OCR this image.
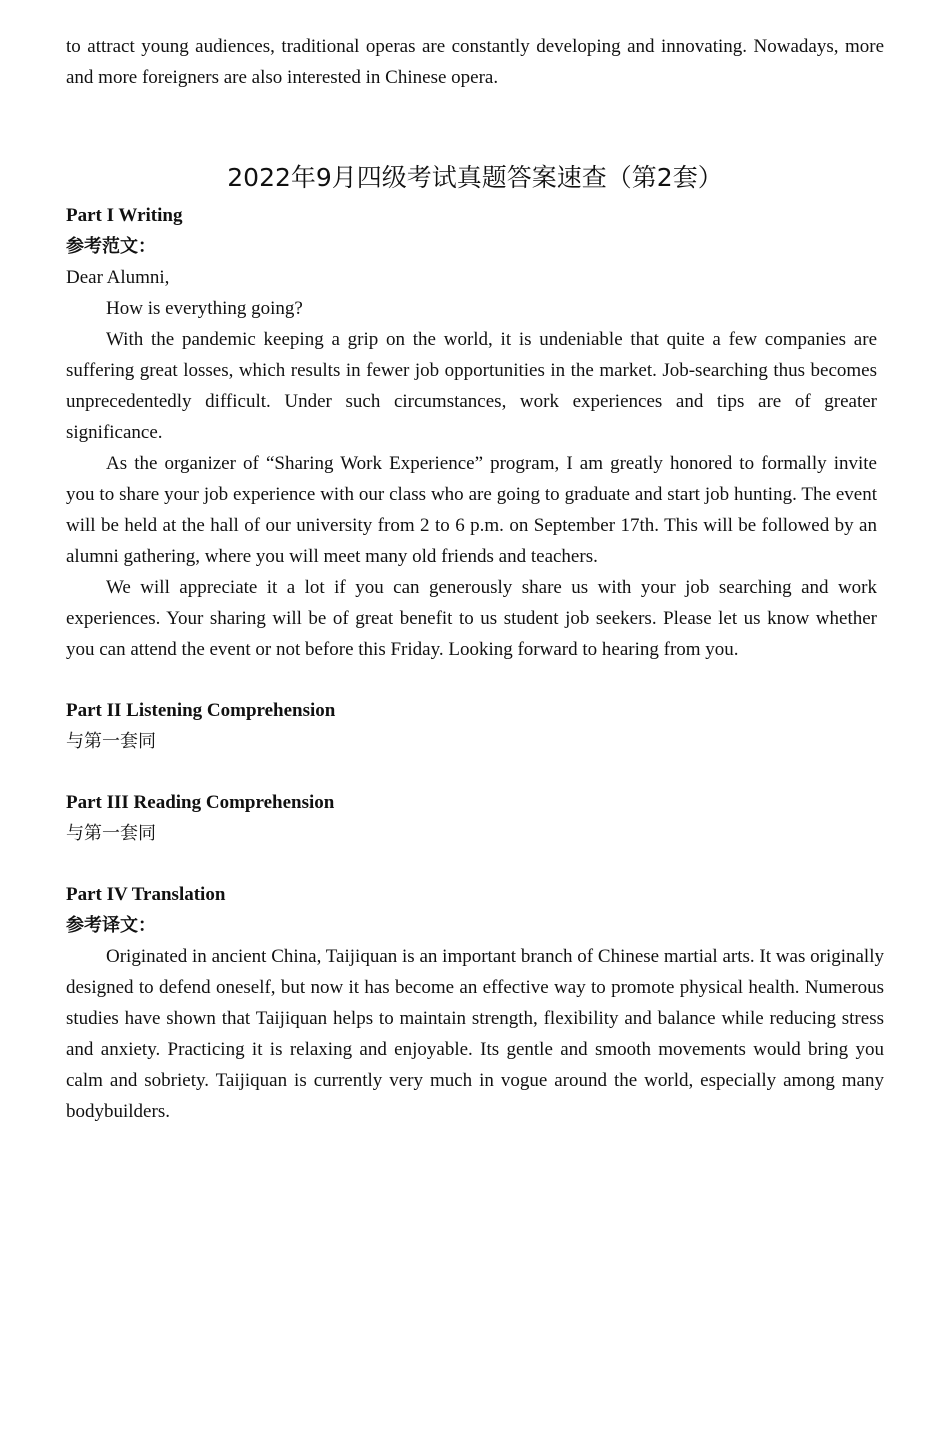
to attract young audiences, traditional operas are constantly developing and innovating. Nowadays, more and more foreigners are also interested in Chinese opera.

2022年9月四级考试真题答案速查（第2套）

Part I Writing

参考范文：

Dear Alumni,

How is everything going?

With the pandemic keeping a grip on the world, it is undeniable that quite a few companies are suffering great losses, which results in fewer job opportunities in the market. Job-searching thus becomes unprecedentedly difficult. Under such circumstances, work experiences and tips are of greater significance.

As the organizer of “Sharing Work Experience” program, I am greatly honored to formally invite you to share your job experience with our class who are going to graduate and start job hunting. The event will be held at the hall of our university from 2 to 6 p.m. on September 17th. This will be followed by an alumni gathering, where you will meet many old friends and teachers.

We will appreciate it a lot if you can generously share us with your job searching and work experiences. Your sharing will be of great benefit to us student job seekers. Please let us know whether you can attend the event or not before this Friday. Looking forward to hearing from you.

Part II Listening Comprehension

与第一套同

Part III Reading Comprehension

与第一套同

Part IV Translation

参考译文：

Originated in ancient China, Taijiquan is an important branch of Chinese martial arts. It was originally designed to defend oneself, but now it has become an effective way to promote physical health. Numerous studies have shown that Taijiquan helps to maintain strength, flexibility and balance while reducing stress and anxiety. Practicing it is relaxing and enjoyable. Its gentle and smooth movements would bring you calm and sobriety. Taijiquan is currently very much in vogue around the world, especially among many bodybuilders.
